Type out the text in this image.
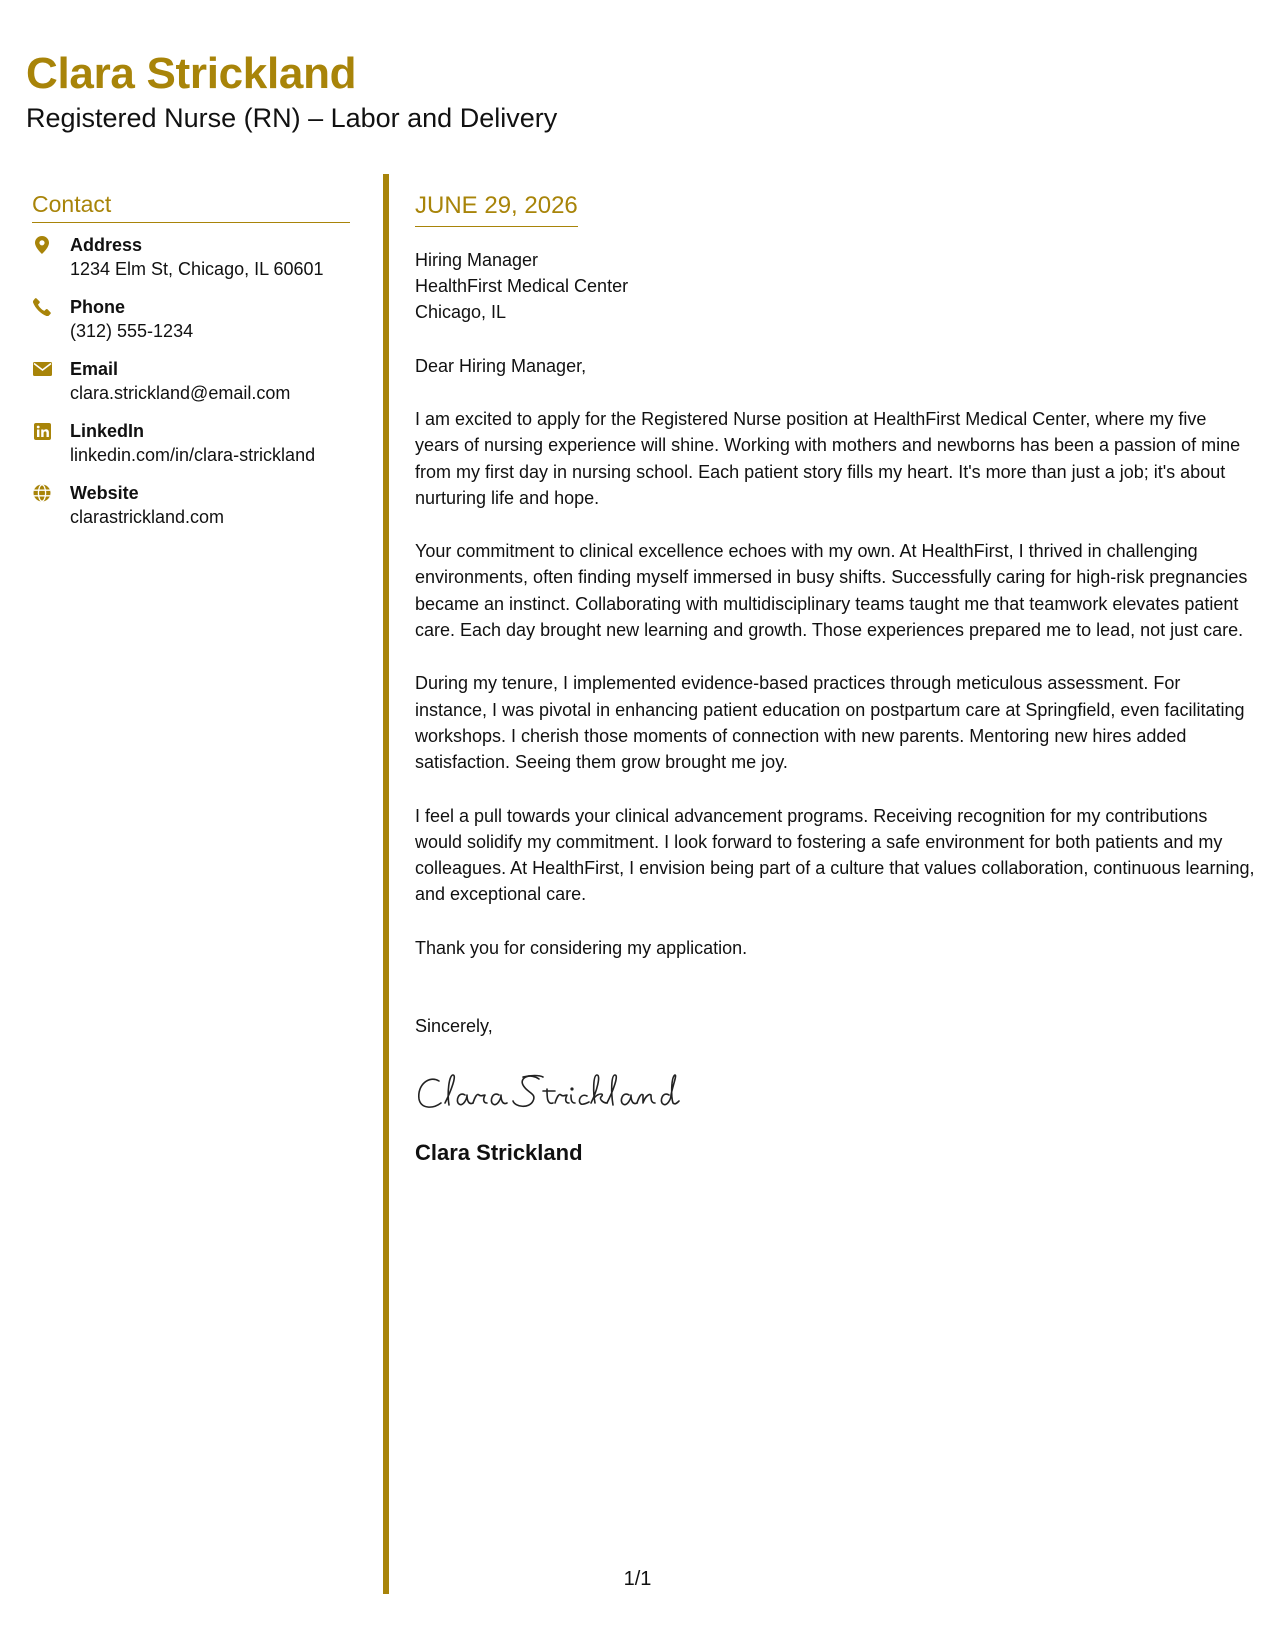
Clara Strickland
Registered Nurse (RN) – Labor and Delivery
Contact
Address
1234 Elm St, Chicago, IL 60601
Phone
(312) 555-1234
Email
clara.strickland@email.com
LinkedIn
linkedin.com/in/clara-strickland
Website
clarastrickland.com
JUNE 29, 2026
Hiring Manager
HealthFirst Medical Center
Chicago, IL
Dear Hiring Manager,
I am excited to apply for the Registered Nurse position at HealthFirst Medical Center, where my five years of nursing experience will shine. Working with mothers and newborns has been a passion of mine from my first day in nursing school. Each patient story fills my heart. It's more than just a job; it's about nurturing life and hope.
Your commitment to clinical excellence echoes with my own. At HealthFirst, I thrived in challenging environments, often finding myself immersed in busy shifts. Successfully caring for high-risk pregnancies became an instinct. Collaborating with multidisciplinary teams taught me that teamwork elevates patient care. Each day brought new learning and growth. Those experiences prepared me to lead, not just care.
During my tenure, I implemented evidence-based practices through meticulous assessment. For instance, I was pivotal in enhancing patient education on postpartum care at Springfield, even facilitating workshops. I cherish those moments of connection with new parents. Mentoring new hires added satisfaction. Seeing them grow brought me joy.
I feel a pull towards your clinical advancement programs. Receiving recognition for my contributions would solidify my commitment. I look forward to fostering a safe environment for both patients and my colleagues. At HealthFirst, I envision being part of a culture that values collaboration, continuous learning, and exceptional care.
Thank you for considering my application.
Sincerely,
Clara Strickland
1/1
